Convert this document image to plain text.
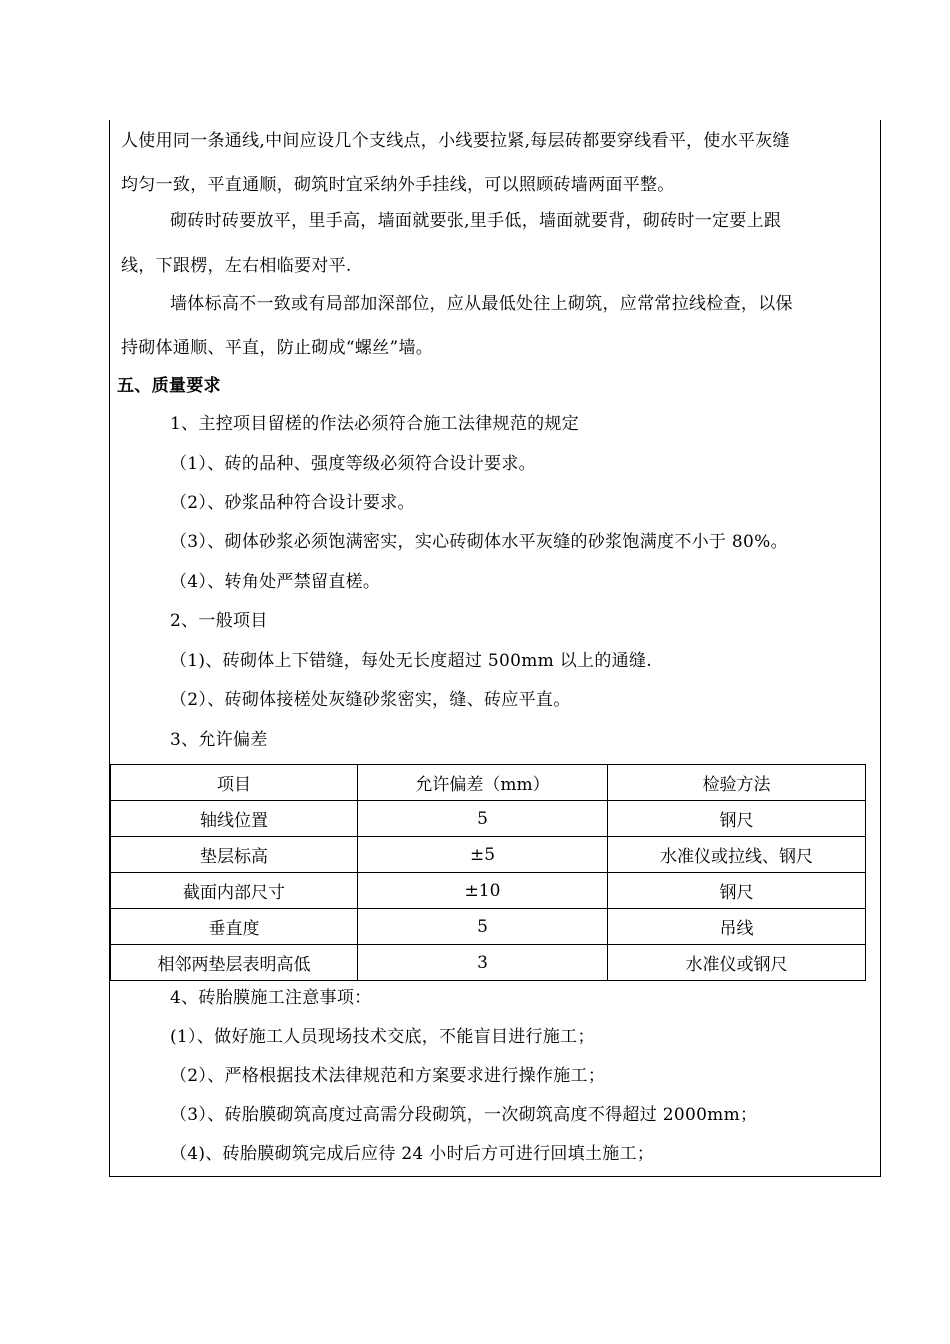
人使用同一条通线,中间应设几个支线点，小线要拉紧,每层砖都要穿线看平，使水平灰缝
均匀一致，平直通顺，砌筑时宜采纳外手挂线，可以照顾砖墙两面平整。
砌砖时砖要放平，里手高，墙面就要张,里手低，墙面就要背，砌砖时一定要上跟
线，下跟楞，左右相临要对平.
墙体标高不一致或有局部加深部位，应从最低处往上砌筑，应常常拉线检查，以保
持砌体通顺、平直，防止砌成“螺丝”墙。
五、质量要求
1、主控项目留槎的作法必须符合施工法律规范的规定
（1）、砖的品种、强度等级必须符合设计要求。
（2）、砂浆品种符合设计要求。
（3）、砌体砂浆必须饱满密实，实心砖砌体水平灰缝的砂浆饱满度不小于 80%。
（4）、转角处严禁留直槎。
2、一般项目
（1)、砖砌体上下错缝，每处无长度超过 500mm 以上的通缝.
（2）、砖砌体接槎处灰缝砂浆密实，缝、砖应平直。
3、允许偏差
项目	允许偏差（mm）	检验方法
轴线位置	5	钢尺
垫层标高	±5	水准仪或拉线、钢尺
截面内部尺寸	±10	钢尺
垂直度	5	吊线
相邻两垫层表明高低	3	水准仪或钢尺
4、砖胎膜施工注意事项：
(1）、做好施工人员现场技术交底，不能盲目进行施工；
（2）、严格根据技术法律规范和方案要求进行操作施工；
（3）、砖胎膜砌筑高度过高需分段砌筑，一次砌筑高度不得超过 2000mm；
（4)、砖胎膜砌筑完成后应待 24 小时后方可进行回填土施工；
